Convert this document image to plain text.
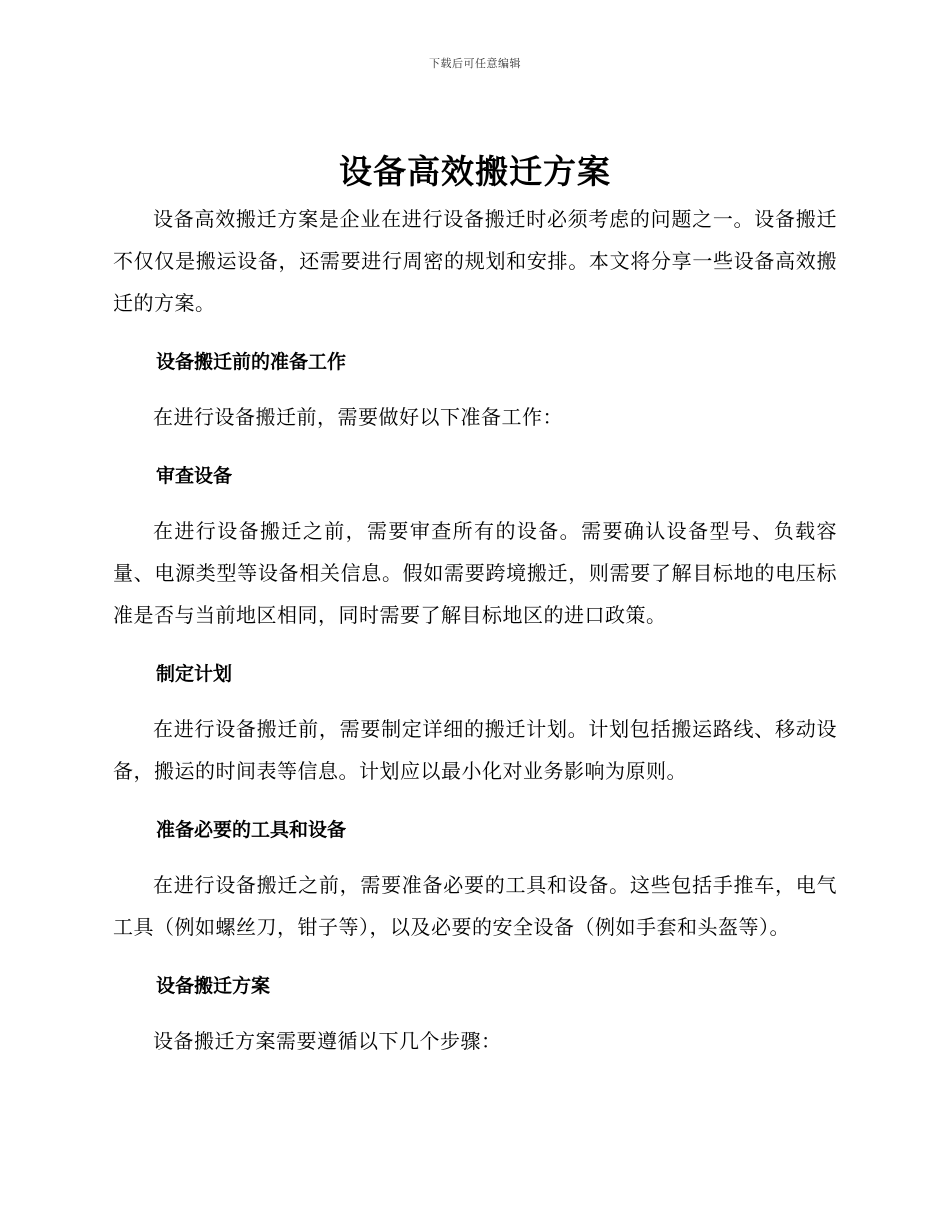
下载后可任意编辑
设备高效搬迁方案

设备高效搬迁方案是企业在进行设备搬迁时必须考虑的问题之一。设备搬迁不仅仅是搬运设备，还需要进行周密的规划和安排。本文将分享一些设备高效搬迁的方案。

设备搬迁前的准备工作

在进行设备搬迁前，需要做好以下准备工作：

审查设备

在进行设备搬迁之前，需要审查所有的设备。需要确认设备型号、负载容量、电源类型等设备相关信息。假如需要跨境搬迁，则需要了解目标地的电压标准是否与当前地区相同，同时需要了解目标地区的进口政策。

制定计划

在进行设备搬迁前，需要制定详细的搬迁计划。计划包括搬运路线、移动设备，搬运的时间表等信息。计划应以最小化对业务影响为原则。

准备必要的工具和设备

在进行设备搬迁之前，需要准备必要的工具和设备。这些包括手推车，电气工具（例如螺丝刀，钳子等），以及必要的安全设备（例如手套和头盔等）。

设备搬迁方案

设备搬迁方案需要遵循以下几个步骤：
